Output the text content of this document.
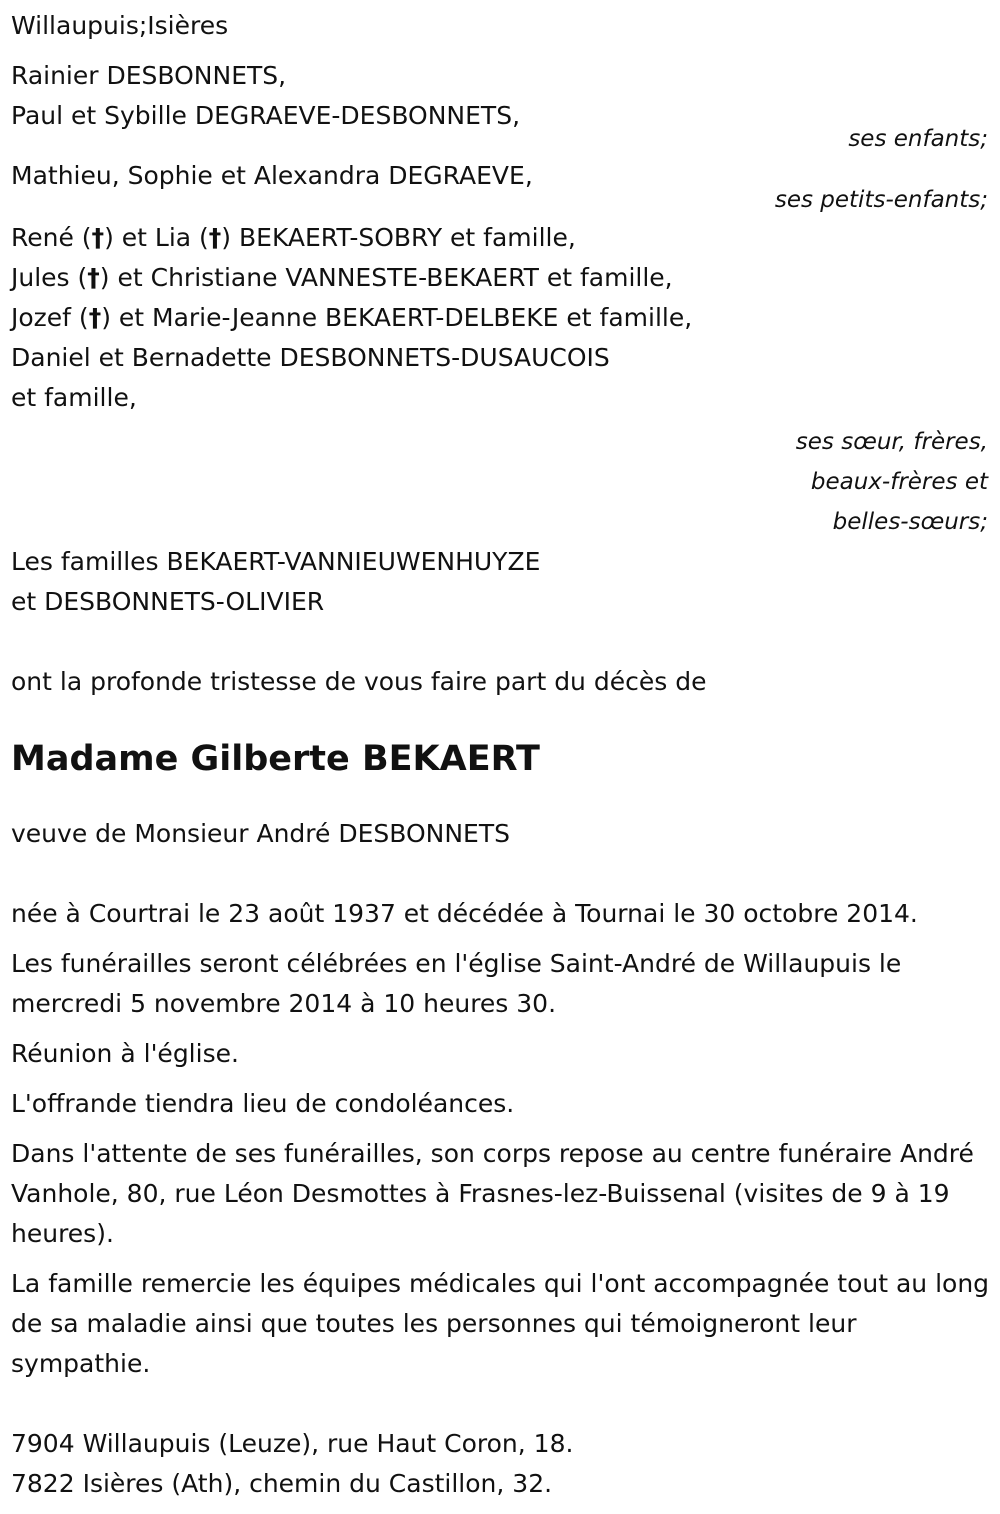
Willaupuis;Isières
Rainier DESBONNETS,
Paul et Sybille DEGRAEVE-DESBONNETS,
ses enfants;
Mathieu, Sophie et Alexandra DEGRAEVE,
ses petits-enfants;
René (†) et Lia (†) BEKAERT-SOBRY et famille,
Jules (†) et Christiane VANNESTE-BEKAERT et famille,
Jozef (†) et Marie-Jeanne BEKAERT-DELBEKE et famille,
Daniel et Bernadette DESBONNETS-DUSAUCOIS
et famille,
ses sœur, frères,
beaux-frères et
belles-sœurs;
Les familles BEKAERT-VANNIEUWENHUYZE
et DESBONNETS-OLIVIER
ont la profonde tristesse de vous faire part du décès de
Madame Gilberte BEKAERT
veuve de Monsieur André DESBONNETS

née à Courtrai le 23 août 1937 et décédée à Tournai le 30 octobre 2014.

Les funérailles seront célébrées en l'église Saint-André de Willaupuis le mercredi 5 novembre 2014 à 10 heures 30.

Réunion à l'église.

L'offrande tiendra lieu de condoléances.

Dans l'attente de ses funérailles, son corps repose au centre funéraire André Vanhole, 80, rue Léon Desmottes à Frasnes-lez-Buissenal (visites de 9 à 19 heures).

La famille remercie les équipes médicales qui l'ont accompagnée tout au long de sa maladie ainsi que toutes les personnes qui témoigneront leur sympathie.

7904 Willaupuis (Leuze), rue Haut Coron, 18.
7822 Isières (Ath), chemin du Castillon, 32.
